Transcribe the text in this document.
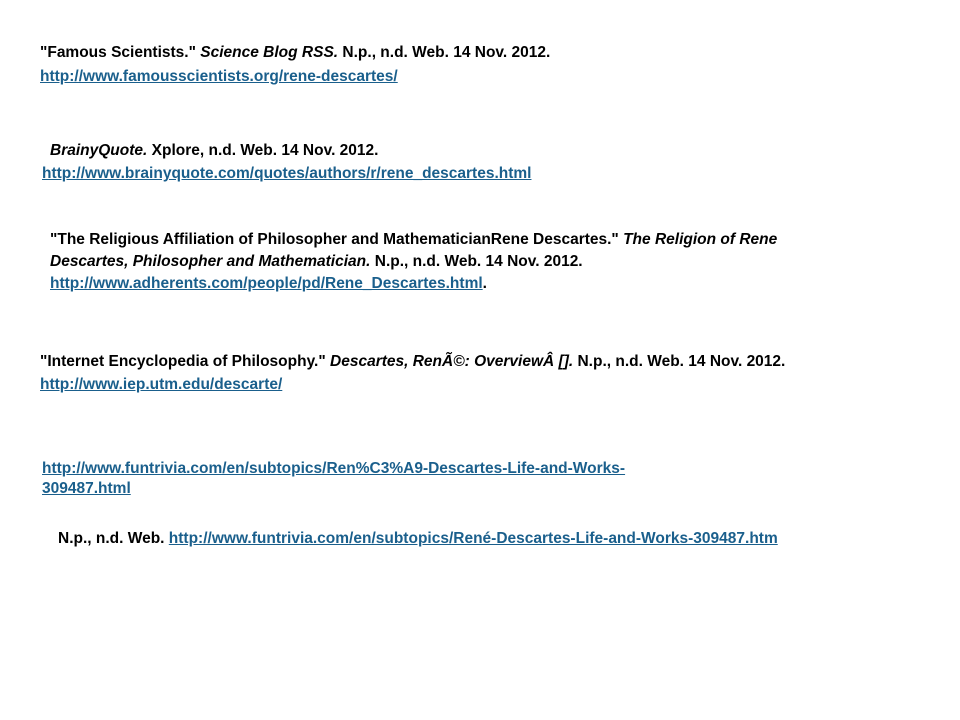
"Famous Scientists." Science Blog RSS. N.p., n.d. Web. 14 Nov. 2012.
http://www.famousscientists.org/rene-descartes/
BrainyQuote. Xplore, n.d. Web. 14 Nov. 2012.
http://www.brainyquote.com/quotes/authors/r/rene_descartes.html
"The Religious Affiliation of Philosopher and MathematicianRene Descartes." The Religion of Rene
Descartes, Philosopher and Mathematician. N.p., n.d. Web. 14 Nov. 2012.
http://www.adherents.com/people/pd/Rene_Descartes.html.
"Internet Encyclopedia of Philosophy." Descartes, RenÃ©: OverviewÂ []. N.p., n.d. Web. 14 Nov. 2012.
http://www.iep.utm.edu/descarte/
http://www.funtrivia.com/en/subtopics/Ren%C3%A9-Descartes-Life-and-Works-
309487.html
N.p., n.d. Web. http://www.funtrivia.com/en/subtopics/René-Descartes-Life-and-Works-309487.htm
